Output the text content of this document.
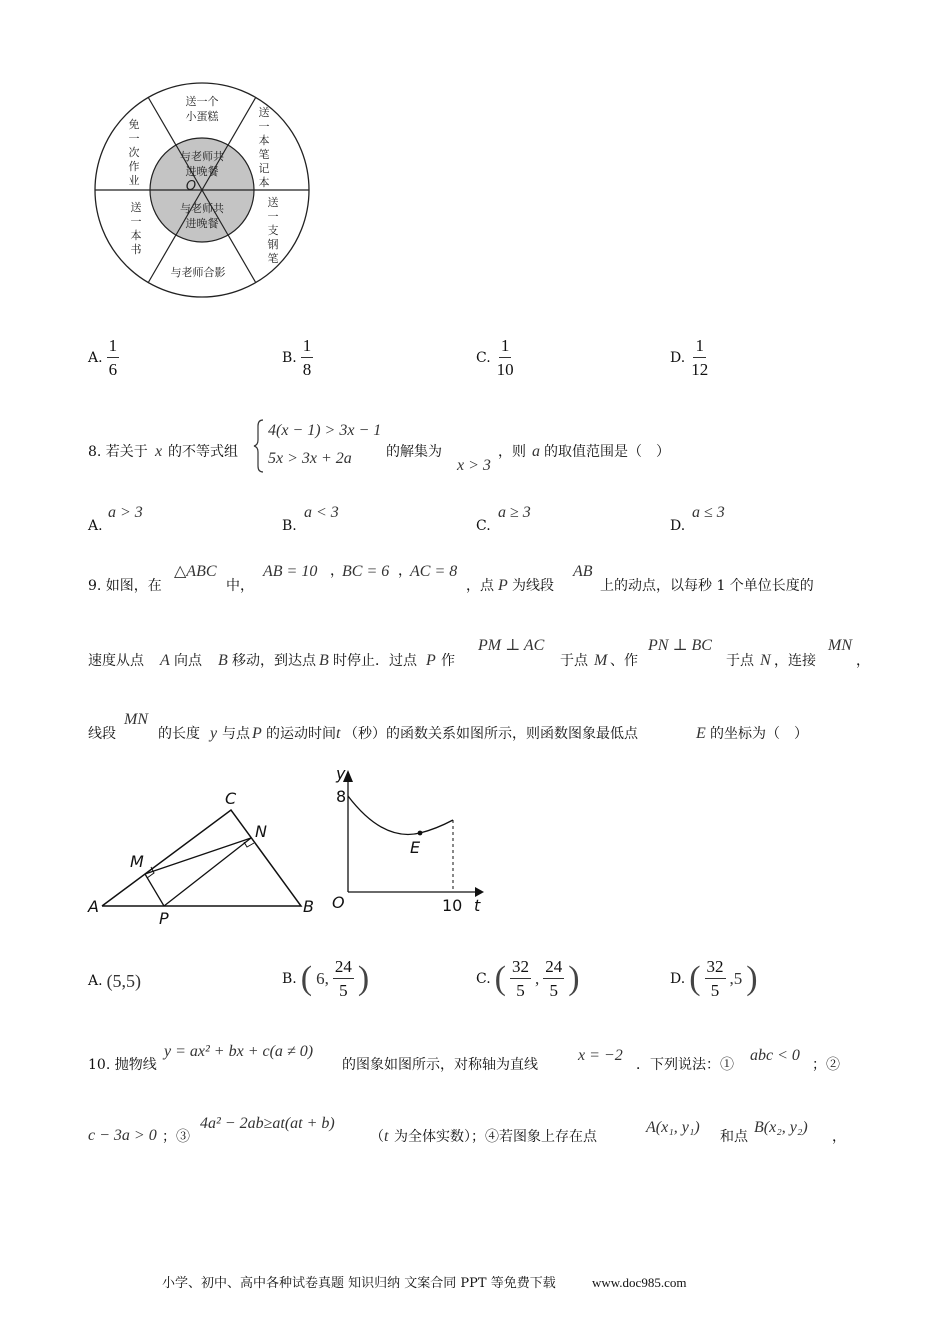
与老师共
进晚餐
O
与老师共
进晚餐
送一个
小蛋糕
与老师合影
送
一
本
笔
记
本
送
一
支
钢
笔
送
一
本
书
免
一
次
作
业
A. $\frac{1}{6}$	B. $\frac{1}{8}$	C. $\frac{1}{10}$	D. $\frac{1}{12}$
8. 若关于 x 的不等式组
4(x − 1) > 3x − 1
5x > 3x + 2a 的解集为
x > 3
，则 a 的取值范围是（　）
A.
a > 3
B.
a < 3
C.
a ≥ 3
D.
a ≤ 3
9. 如图，在
△ABC
中，
AB = 10 ，
BC = 6 ，
AC = 8
，点 P 为线段
AB
上的动点，以每秒 1 个单位长度的
速度从点 A 向点 B 移动，到达点 B 时停止．过点 P 作
PM ⊥ AC
于点 M 、作
PN ⊥ BC
于点 N ，连接
MN
，
线段
MN
的长度 y 与点 P 的运动时间 t （秒）的函数关系如图所示，则函数图象最低点	E 的坐标为（　）
A	B
C
M
N
P
y
8
O	10 t
E
A. (5,5)	B. ( 6, $\frac{24}{5}$ )	C. ( $\frac{32}{5}$ , $\frac{24}{5}$ )	D. ( $\frac{32}{5} ,5$ )
10. 抛物线
y = ax² + bx + c(a ≠ 0)
的图象如图所示，对称轴为直线
x = −2
．下列说法：①
abc < 0
；②
c − 3a > 0 ；③
4a² − 2ab≥at(at + b)
（ t 为全体实数）；④若图象上存在点
A(x₁, y₁)
和点
B(x₂, y₂)
，
小学、初中、高中各种试卷真题 知识归纳 文案合同 PPT 等免费下载	www.doc985.com
